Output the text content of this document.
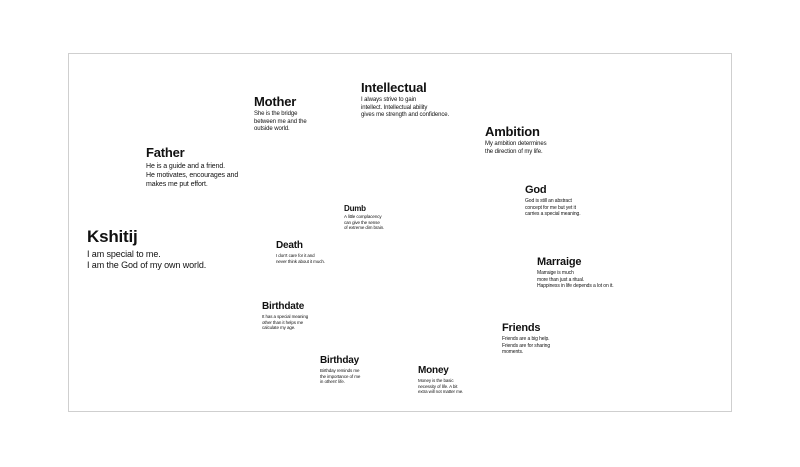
Kshitij
I am special to me.
I am the God of my own world.
Father
He is a guide and a friend.
He motivates, encourages and
makes me put effort.
Mother
She is the bridge
between me and the
outside world.
Intellectual
I always strive to gain
intellect. Intellectual ability
gives me strength and confidence.
Ambition
My ambition determines
the direction of my life.
God
God is still an abstract
concept for me but yet it
carries a special meaning.
Dumb
A little complacency
can give the sense
of extreme dim brain.
Death
I don't care for it and
never think about it much.	Marraige
Marraige is much
more than just a ritual.
Happiness in life depends a lot on it.
Birthdate
It has a special meaning
other than it helps me
calculate my age.	Friends
Friends are a big help.
Friends are for sharing
moments.
Birthday
Birthday reminds me
the importance of me
in others' life.
Money
Money is the basic
necessity of life. A bit
extra will not matter me.
